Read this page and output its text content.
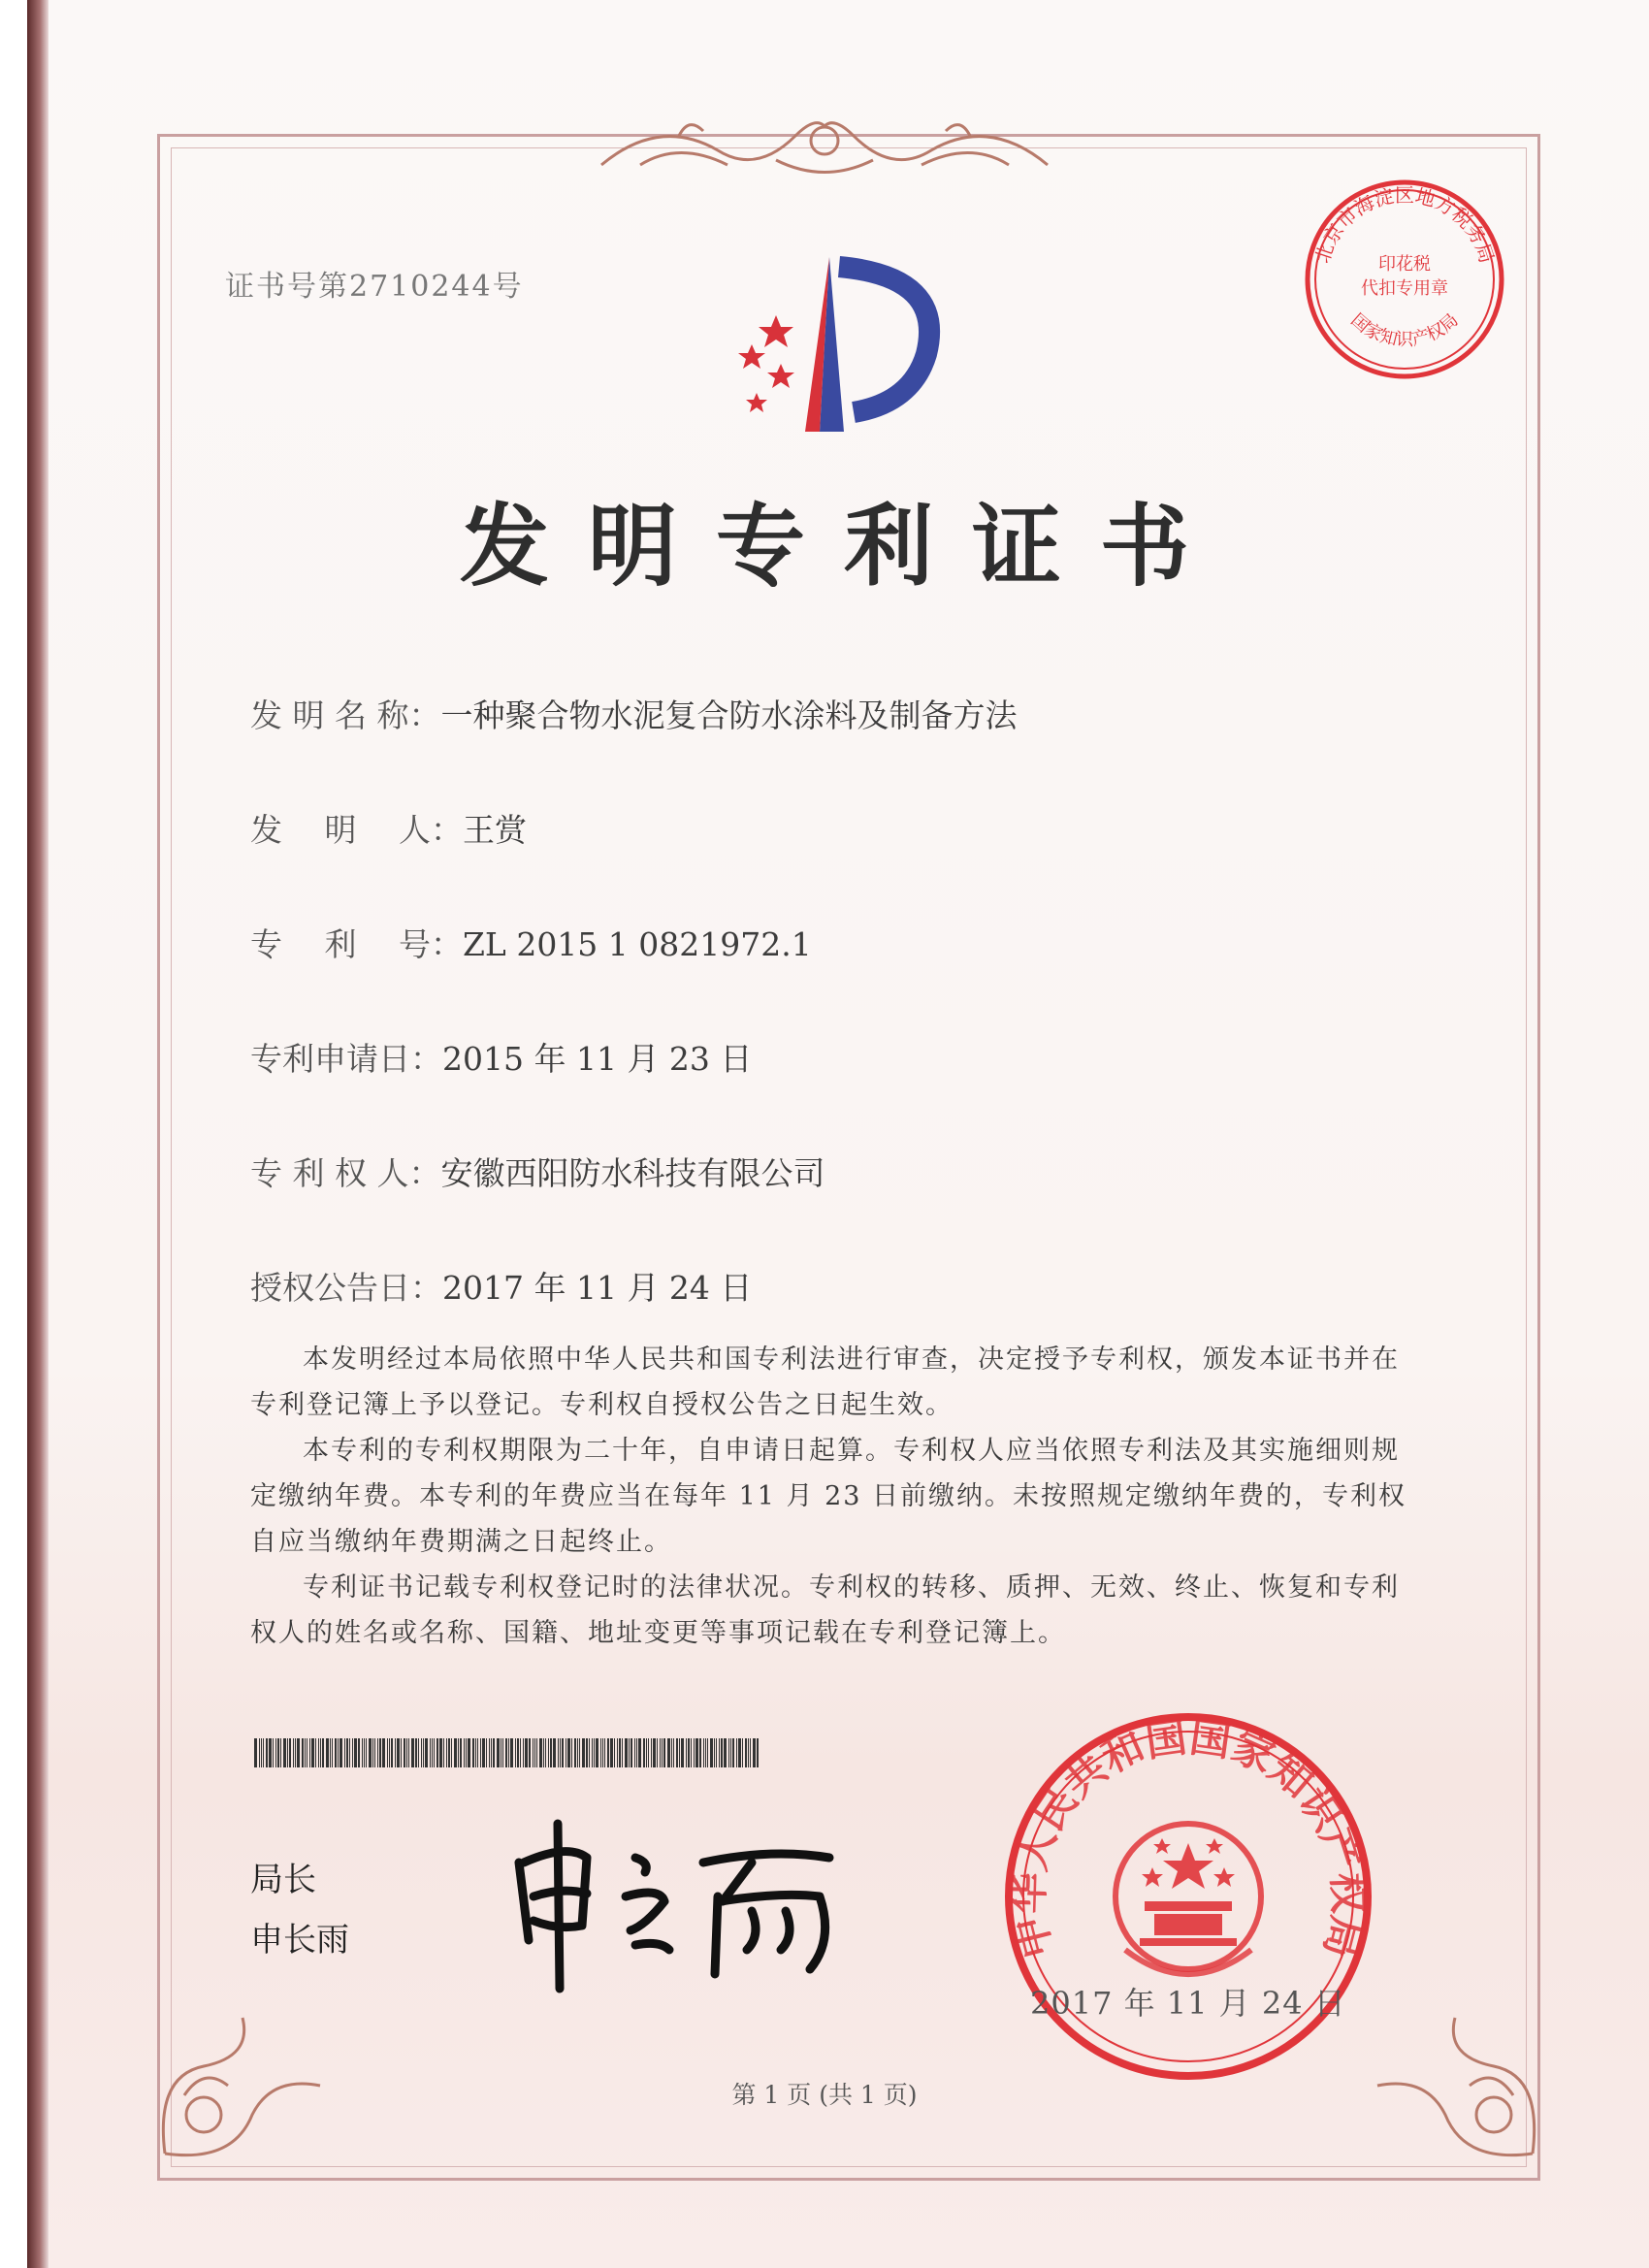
证书号第2710244号
北京市海淀区地方税务局
印花税
代扣专用章
国家知识产权局
发明专利证书
发 明 名 称：一种聚合物水泥复合防水涂料及制备方法
发　 明　 人：王赏
专　 利　 号：ZL 2015 1 0821972.1
专利申请日：2015 年 11 月 23 日
专 利 权 人：安徽西阳防水科技有限公司
授权公告日：2017 年 11 月 24 日

本发明经过本局依照中华人民共和国专利法进行审查，决定授予专利权，颁发本证书并在专利登记簿上予以登记。专利权自授权公告之日起生效。

本专利的专利权期限为二十年，自申请日起算。专利权人应当依照专利法及其实施细则规定缴纳年费。本专利的年费应当在每年 11 月 23 日前缴纳。未按照规定缴纳年费的，专利权自应当缴纳年费期满之日起终止。

专利证书记载专利权登记时的法律状况。专利权的转移、质押、无效、终止、恢复和专利权人的姓名或名称、国籍、地址变更等事项记载在专利登记簿上。

局长
申长雨	中华人民共和国国家知识产权局
2017 年 11 月 24 日
第 1 页 (共 1 页)
